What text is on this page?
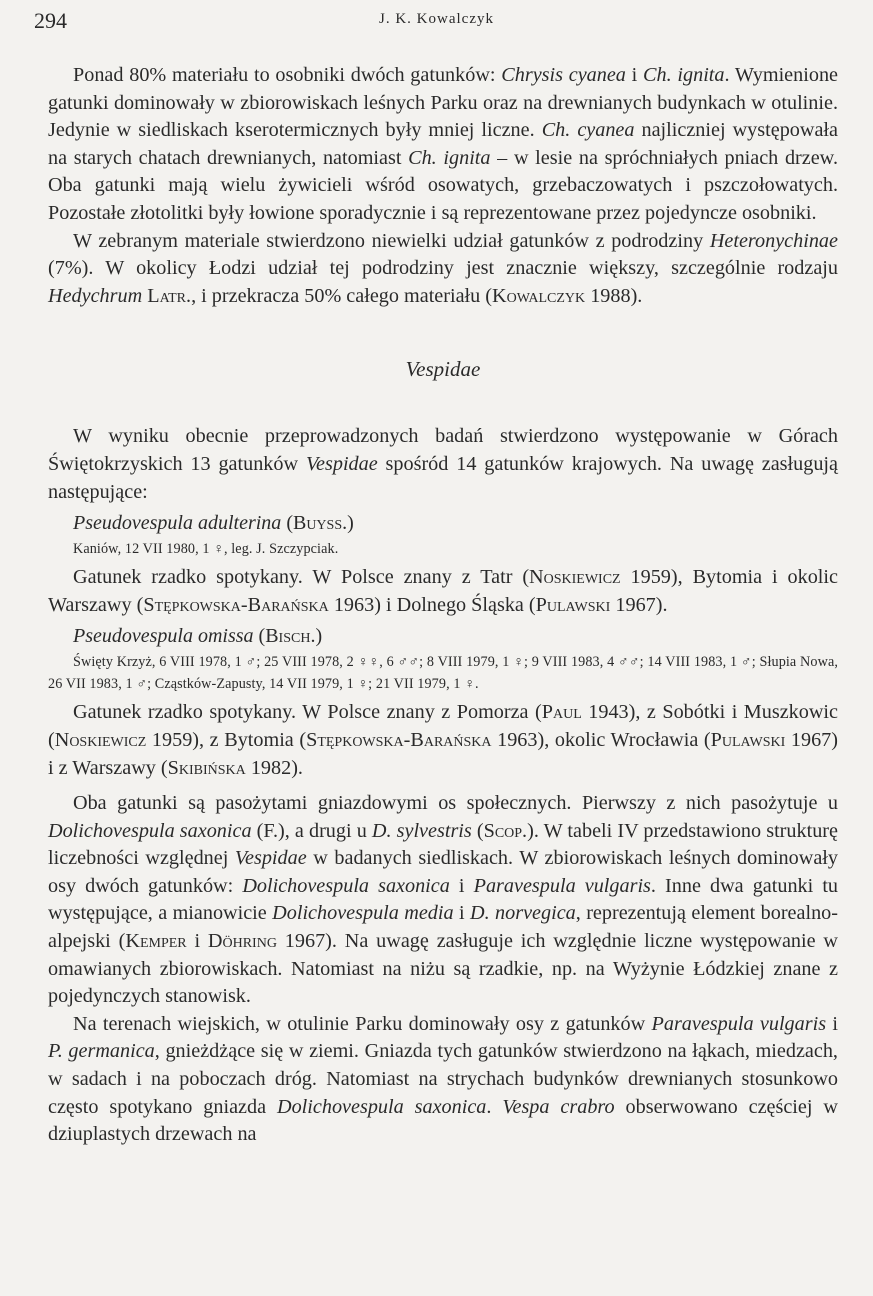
294	J. K. Kowalczyk

Ponad 80% materiału to osobniki dwóch gatunków: Chrysis cyanea i Ch. ignita. Wymienione gatunki dominowały w zbiorowiskach leśnych Parku oraz na drewnianych budynkach w otulinie. Jedynie w siedliskach kserotermicznych były mniej liczne. Ch. cyanea najliczniej występowała na starych chatach drewnianych, natomiast Ch. ignita – w lesie na spróchniałych pniach drzew. Oba gatunki mają wielu żywicieli wśród osowatych, grzebaczowatych i pszczołowatych. Pozostałe złotolitki były łowione sporadycznie i są reprezentowane przez pojedyncze osobniki.

W zebranym materiale stwierdzono niewielki udział gatunków z podrodziny Heteronychinae (7%). W okolicy Łodzi udział tej podrodziny jest znacznie większy, szczególnie rodzaju Hedychrum Latr., i przekracza 50% całego materiału (Kowalczyk 1988).

Vespidae

W wyniku obecnie przeprowadzonych badań stwierdzono występowanie w Górach Świętokrzyskich 13 gatunków Vespidae spośród 14 gatunków krajowych. Na uwagę zasługują następujące:

Pseudovespula adulterina (Buyss.)
Kaniów, 12 VII 1980, 1 ♀, leg. J. Szczypciak.

Gatunek rzadko spotykany. W Polsce znany z Tatr (Noskiewicz 1959), Bytomia i okolic Warszawy (Stępkowska-Barańska 1963) i Dolnego Śląska (Pulawski 1967).

Pseudovespula omissa (Bisch.)
Święty Krzyż, 6 VIII 1978, 1 ♂; 25 VIII 1978, 2 ♀♀, 6 ♂♂; 8 VIII 1979, 1 ♀; 9 VIII 1983, 4 ♂♂; 14 VIII 1983, 1 ♂; Słupia Nowa, 26 VII 1983, 1 ♂; Cząstków-Zapusty, 14 VII 1979, 1 ♀; 21 VII 1979, 1 ♀.

Gatunek rzadko spotykany. W Polsce znany z Pomorza (Paul 1943), z Sobótki i Muszkowic (Noskiewicz 1959), z Bytomia (Stępkowska-Barańska 1963), okolic Wrocławia (Pulawski 1967) i z Warszawy (Skibińska 1982).

Oba gatunki są pasożytami gniazdowymi os społecznych. Pierwszy z nich pasożytuje u Dolichovespula saxonica (F.), a drugi u D. sylvestris (Scop.). W tabeli IV przedstawiono strukturę liczebności względnej Vespidae w badanych siedliskach. W zbiorowiskach leśnych dominowały osy dwóch gatunków: Dolichovespula saxonica i Paravespula vulgaris. Inne dwa gatunki tu występujące, a mianowicie Dolichovespula media i D. norvegica, reprezentują element borealno-alpejski (Kemper i Döhring 1967). Na uwagę zasługuje ich względnie liczne występowanie w omawianych zbiorowiskach. Natomiast na niżu są rzadkie, np. na Wyżynie Łódzkiej znane z pojedynczych stanowisk.

Na terenach wiejskich, w otulinie Parku dominowały osy z gatunków Paravespula vulgaris i P. germanica, gnieżdżące się w ziemi. Gniazda tych gatunków stwierdzono na łąkach, miedzach, w sadach i na poboczach dróg. Natomiast na strychach budynków drewnianych stosunkowo często spotykano gniazda Dolichovespula saxonica. Vespa crabro obserwowano częściej w dziuplastych drzewach na
